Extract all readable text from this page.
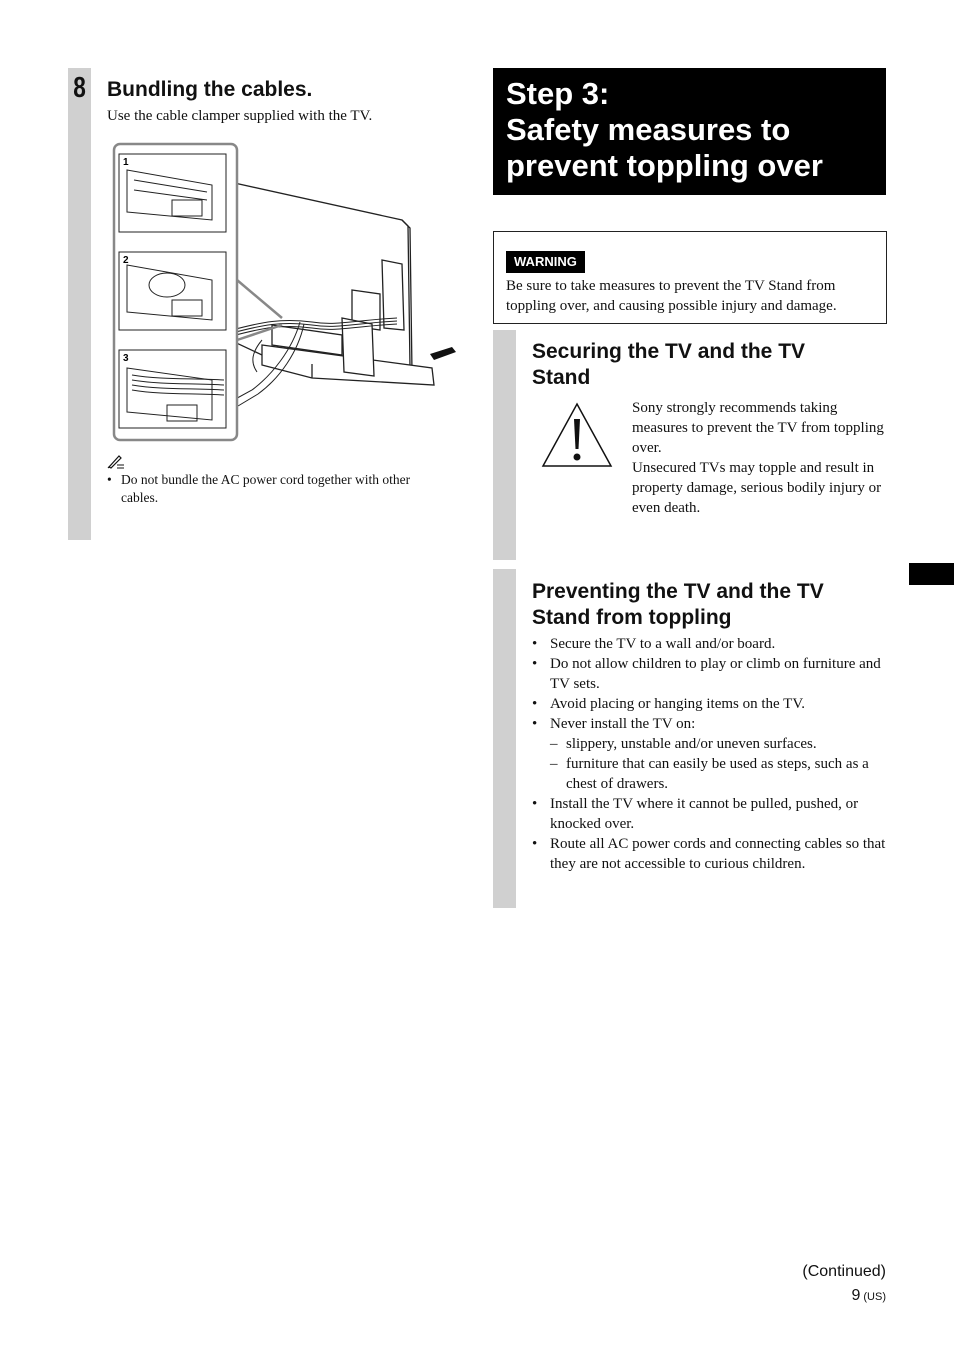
8 Bundling the cables.
Use the cable clamper supplied with the TV.
1
2
3
• Do not bundle the AC power cord together with other cables.
Step 3:
Safety measures to prevent toppling over
WARNING
Be sure to take measures to prevent the TV Stand from toppling over, and causing possible injury and damage.
Securing the TV and the TV Stand
Sony strongly recommends taking measures to prevent the TV from toppling over.
Unsecured TVs may topple and result in property damage, serious bodily injury or even death.
Preventing the TV and the TV Stand from toppling
• Secure the TV to a wall and/or board.
• Do not allow children to play or climb on furniture and TV sets.
• Avoid placing or hanging items on the TV.
• Never install the TV on:
– slippery, unstable and/or uneven surfaces.
– furniture that can easily be used as steps, such as a chest of drawers.
• Install the TV where it cannot be pulled, pushed, or knocked over.
• Route all AC power cords and connecting cables so that they are not accessible to curious children.
(Continued)
9 (US)
